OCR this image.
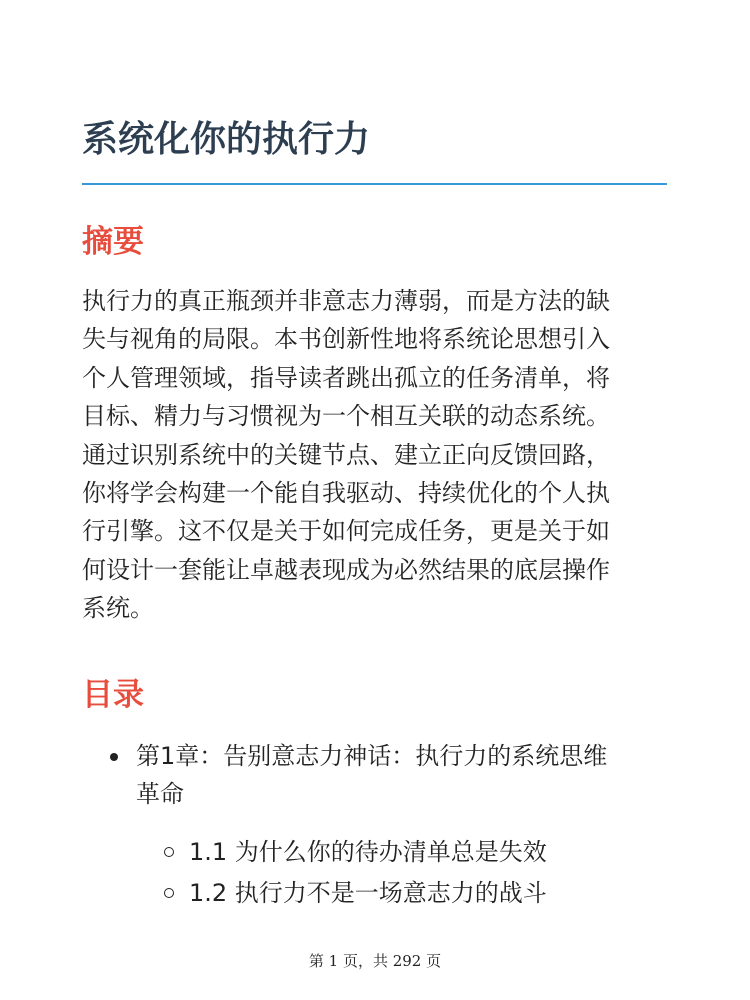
系统化你的执行力
摘要

执行力的真正瓶颈并非意志力薄弱，而是方法的缺
失与视角的局限。本书创新性地将系统论思想引入
个人管理领域，指导读者跳出孤立的任务清单，将
目标、精力与习惯视为一个相互关联的动态系统。
通过识别系统中的关键节点、建立正向反馈回路，
你将学会构建一个能自我驱动、持续优化的个人执
行引擎。这不仅是关于如何完成任务，更是关于如
何设计一套能让卓越表现成为必然结果的底层操作
系统。

目录
第1章：告别意志力神话：执行力的系统思维
革命
1.1 为什么你的待办清单总是失效
1.2 执行力不是一场意志力的战斗
第 1 页，共 292 页
